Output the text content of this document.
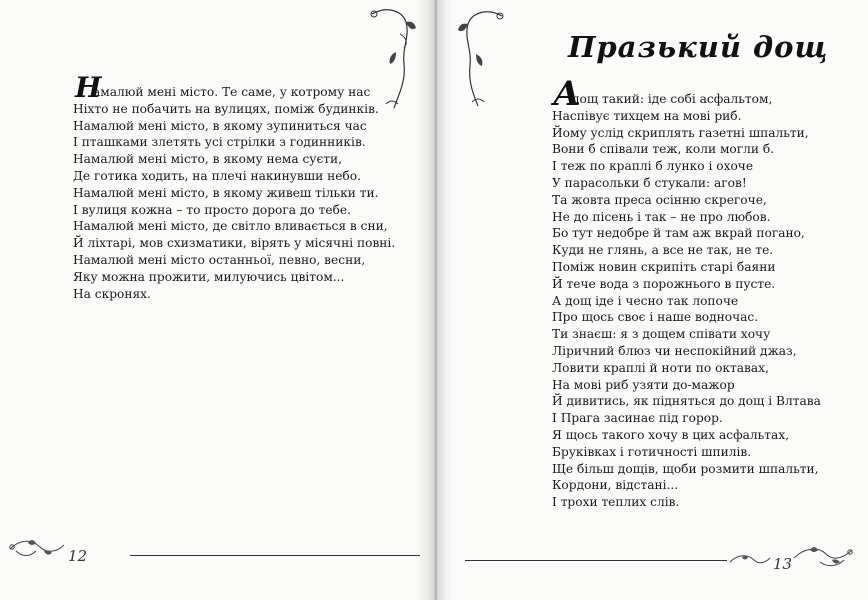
Н
амалюй мені місто. Те саме, у котрому нас
Ніхто не побачить на вулицях, поміж будинків.
Намалюй мені місто, в якому зупиниться час
І пташками злетять усі стрілки з годинників.
Намалюй мені місто, в якому нема суєти,
Де готика ходить, на плечі накинувши небо.
Намалюй мені місто, в якому живеш тільки ти.
І вулиця кожна – то просто дорога до тебе.
Намалюй мені місто, де світло вливається в сни,
Й ліхтарі, мов схизматики, вірять у місячні повні.
Намалюй мені місто останньої, певно, весни,
Яку можна прожити, милуючись цвітом...
На скронях.
12
Празький дощ
А
дощ такий: іде собі асфальтом,
Наспівує тихцем на мові риб.
Йому услід скриплять газетні шпальти,
Вони б співали теж, коли могли б.
І теж по краплі б лунко і охоче
У парасольки б стукали: агов!
Та жовта преса осінню скрегоче,
Не до пісень і так – не про любов.
Бо тут недобре й там аж вкрай погано,
Куди не глянь, а все не так, не те.
Поміж новин скрипіть старі баяни
Й тече вода з порожнього в пусте.
А дощ іде і чесно так лопоче
Про щось своє і наше водночас.
Ти знаєш: я з дощем співати хочу
Ліричний блюз чи неспокійний джаз,
Ловити краплі й ноти по октавах,
На мові риб узяти до-мажор
Й дивитись, як підняться до дощ і Влтава
І Прага засинає під горор.
Я щось такого хочу в цих асфальтах,
Бруківках і готичності шпилів.
Ще більш дощів, щоби розмити шпальти,
Кордони, відстані...
І трохи теплих слів.
13
